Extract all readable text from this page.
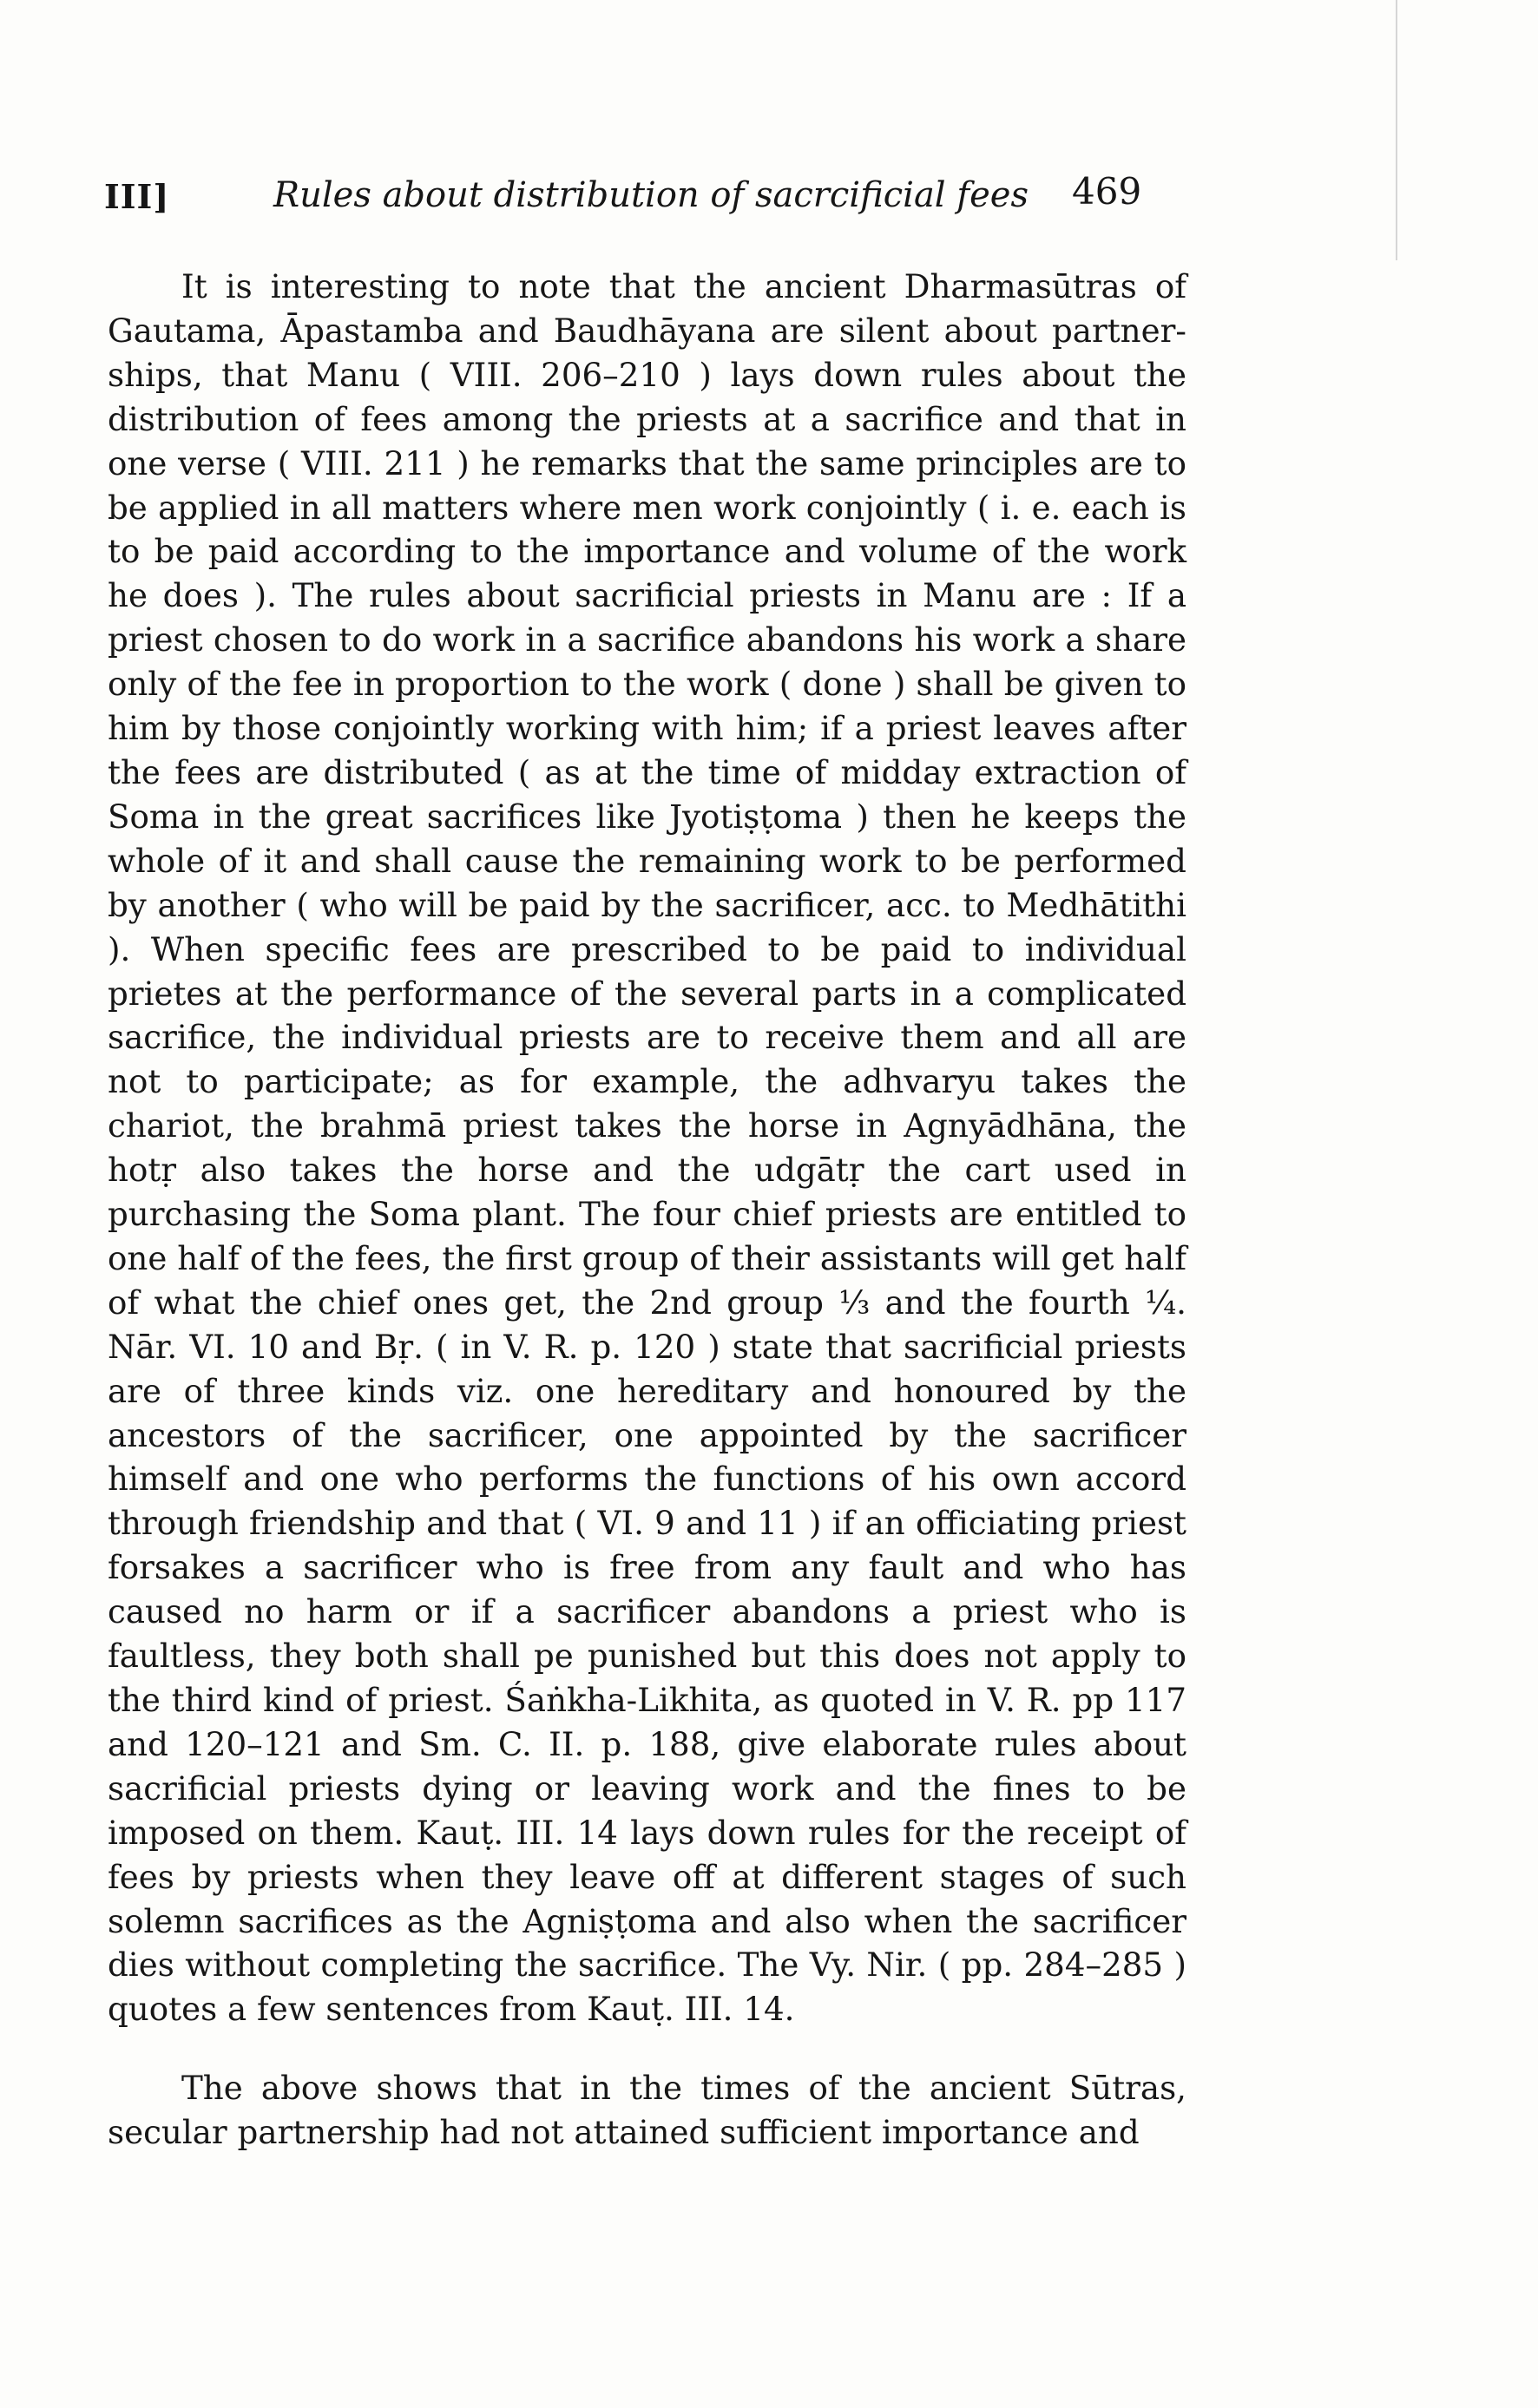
III]	Rules about distribution of sacrcificial fees 469

It is interesting to note that the ancient Dharmasūtras of Gautama, Āpastamba and Baudhāyana are silent about partner-ships, that Manu ( VIII. 206–210 ) lays down rules about the distribution of fees among the priests at a sacrifice and that in one verse ( VIII. 211 ) he remarks that the same principles are to be applied in all matters where men work conjointly ( i. e. each is to be paid according to the importance and volume of the work he does ). The rules about sacrificial priests in Manu are : If a priest chosen to do work in a sacrifice abandons his work a share only of the fee in proportion to the work ( done ) shall be given to him by those conjointly working with him; if a priest leaves after the fees are distributed ( as at the time of midday extraction of Soma in the great sacrifices like Jyotiṣṭoma ) then he keeps the whole of it and shall cause the remaining work to be performed by another ( who will be paid by the sacrificer, acc. to Medhātithi ). When specific fees are prescribed to be paid to individual prietes at the performance of the several parts in a complicated sacrifice, the individual priests are to receive them and all are not to participate; as for example, the adhvaryu takes the chariot, the brahmā priest takes the horse in Agnyādhāna, the hotṛ also takes the horse and the udgātṛ the cart used in purchasing the Soma plant. The four chief priests are entitled to one half of the fees, the first group of their assistants will get half of what the chief ones get, the 2nd group ⅓ and the fourth ¼. Nār. VI. 10 and Bṛ. ( in V. R. p. 120 ) state that sacrificial priests are of three kinds viz. one hereditary and honoured by the ancestors of the sacrificer, one appointed by the sacrificer himself and one who performs the functions of his own accord through friendship and that ( VI. 9 and 11 ) if an officiating priest forsakes a sacrificer who is free from any fault and who has caused no harm or if a sacrificer abandons a priest who is faultless, they both shall pe punished but this does not apply to the third kind of priest. Śaṅkha-Likhita, as quoted in V. R. pp 117 and 120–121 and Sm. C. II. p. 188, give elaborate rules about sacrificial priests dying or leaving work and the fines to be imposed on them. Kauṭ. III. 14 lays down rules for the receipt of fees by priests when they leave off at different stages of such solemn sacrifices as the Agniṣṭoma and also when the sacrificer dies without completing the sacrifice. The Vy. Nir. ( pp. 284–285 ) quotes a few sentences from Kauṭ. III. 14.

The above shows that in the times of the ancient Sūtras, secular partnership had not attained sufficient importance and
